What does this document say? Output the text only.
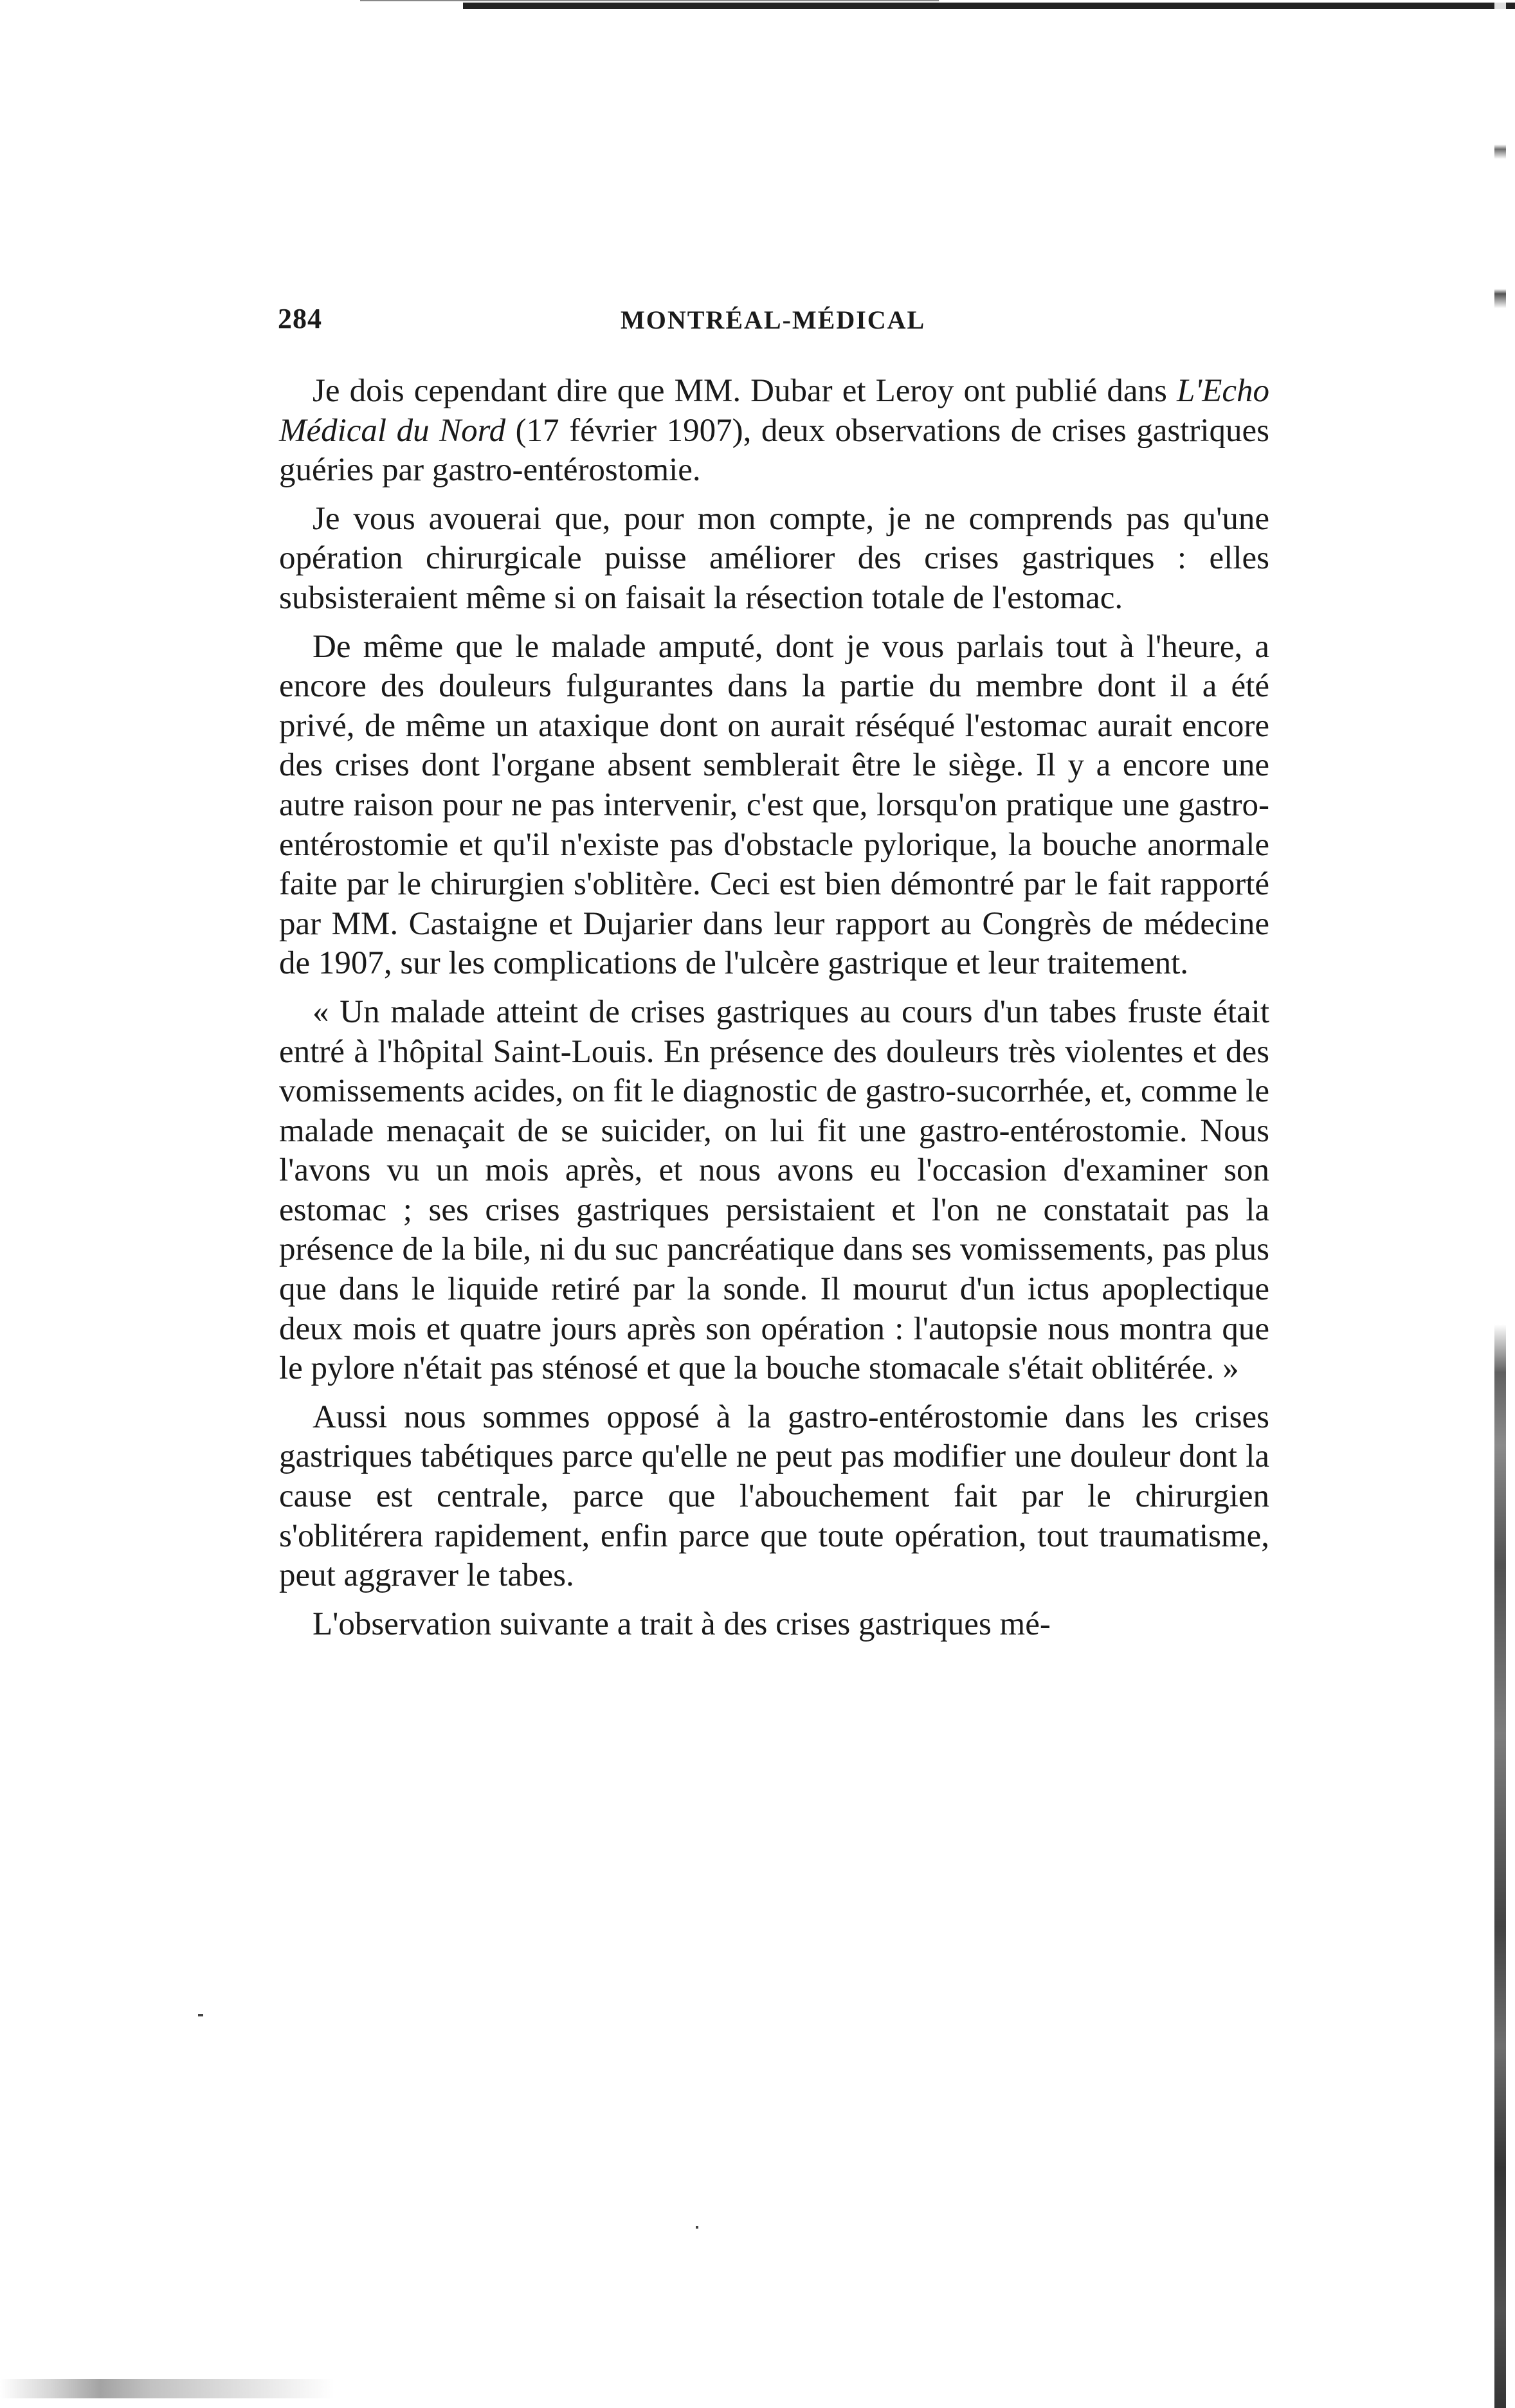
284	MONTRÉAL-MÉDICAL

Je dois cependant dire que MM. Dubar et Leroy ont publié dans L'Echo Médical du Nord (17 février 1907), deux observations de crises gastriques guéries par gastro-entérostomie.

Je vous avouerai que, pour mon compte, je ne comprends pas qu'une opération chirurgicale puisse améliorer des crises gastriques : elles subsisteraient même si on faisait la résection totale de l'estomac.

De même que le malade amputé, dont je vous parlais tout à l'heure, a encore des douleurs fulgurantes dans la partie du membre dont il a été privé, de même un ataxique dont on aurait réséqué l'estomac aurait encore des crises dont l'organe absent semblerait être le siège. Il y a encore une autre raison pour ne pas intervenir, c'est que, lorsqu'on pratique une gastro-entérostomie et qu'il n'existe pas d'obstacle pylorique, la bouche anormale faite par le chirurgien s'oblitère. Ceci est bien démontré par le fait rapporté par MM. Castaigne et Dujarier dans leur rapport au Congrès de médecine de 1907, sur les complications de l'ulcère gastrique et leur traitement.

« Un malade atteint de crises gastriques au cours d'un tabes fruste était entré à l'hôpital Saint-Louis. En présence des douleurs très violentes et des vomissements acides, on fit le diagnostic de gastro-sucorrhée, et, comme le malade menaçait de se suicider, on lui fit une gastro-entérostomie. Nous l'avons vu un mois après, et nous avons eu l'occasion d'examiner son estomac ; ses crises gastriques persistaient et l'on ne constatait pas la présence de la bile, ni du suc pancréatique dans ses vomissements, pas plus que dans le liquide retiré par la sonde. Il mourut d'un ictus apoplectique deux mois et quatre jours après son opération : l'autopsie nous montra que le pylore n'était pas sténosé et que la bouche stomacale s'était oblitérée. »

Aussi nous sommes opposé à la gastro-entérostomie dans les crises gastriques tabétiques parce qu'elle ne peut pas modifier une douleur dont la cause est centrale, parce que l'abouchement fait par le chirurgien s'oblitérera rapidement, enfin parce que toute opération, tout traumatisme, peut aggraver le tabes.

L'observation suivante a trait à des crises gastriques mé-
